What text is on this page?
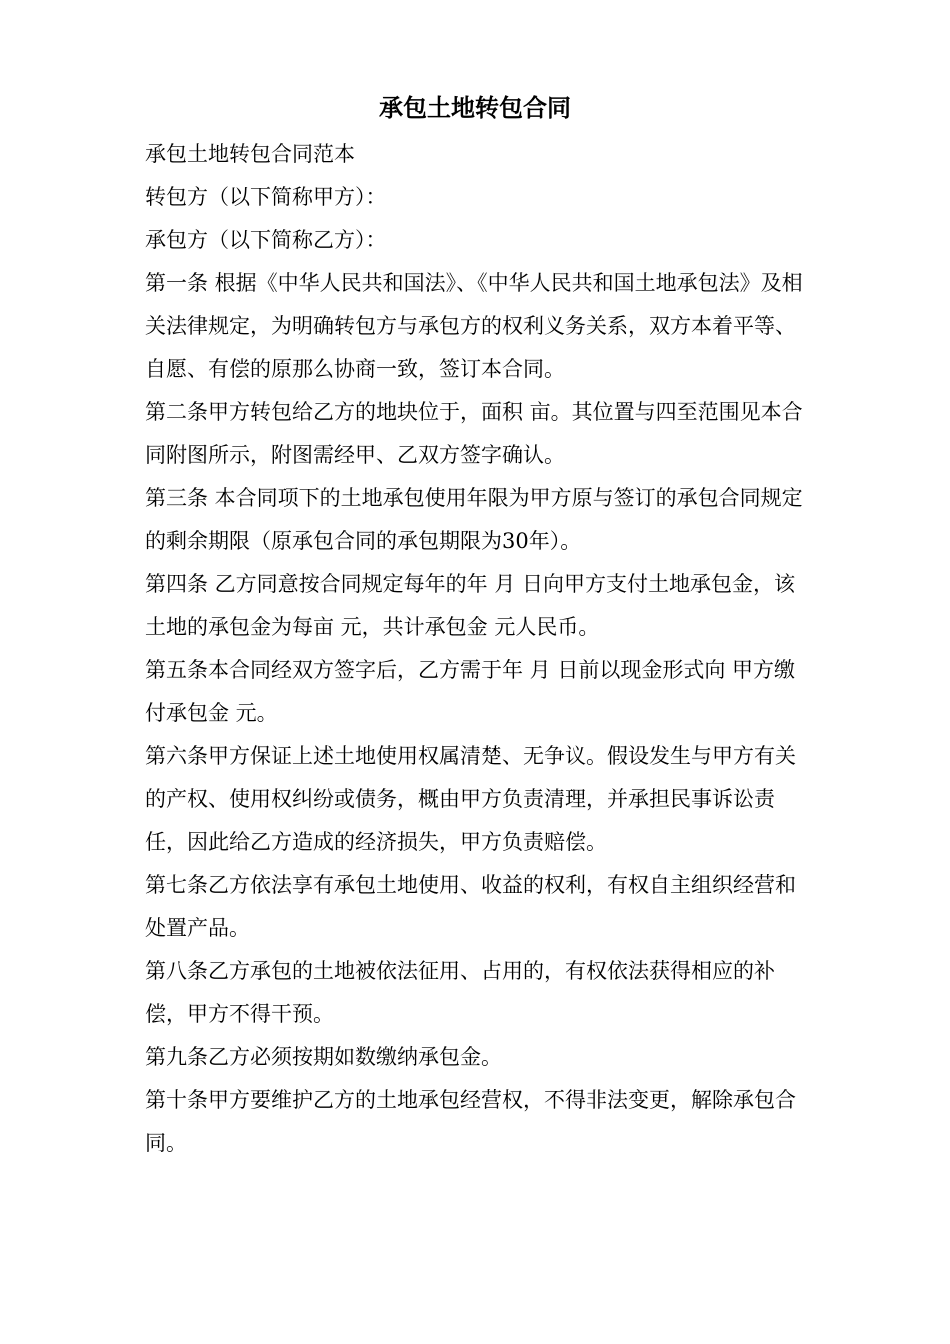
承包土地转包合同

承包土地转包合同范本

转包方（以下简称甲方）：

承包方（以下简称乙方）：

第一条 根据《中华人民共和国法》、《中华人民共和国土地承包法》及相关法律规定，为明确转包方与承包方的权利义务关系，双方本着平等、自愿、有偿的原那么协商一致，签订本合同。

第二条甲方转包给乙方的地块位于，面积 亩。其位置与四至范围见本合同附图所示，附图需经甲、乙双方签字确认。

第三条 本合同项下的土地承包使用年限为甲方原与签订的承包合同规定的剩余期限（原承包合同的承包期限为30年）。

第四条 乙方同意按合同规定每年的年 月 日向甲方支付土地承包金，该土地的承包金为每亩 元，共计承包金 元人民币。

第五条本合同经双方签字后，乙方需于年 月 日前以现金形式向 甲方缴付承包金 元。

第六条甲方保证上述土地使用权属清楚、无争议。假设发生与甲方有关的产权、使用权纠纷或债务，概由甲方负责清理，并承担民事诉讼责任，因此给乙方造成的经济损失，甲方负责赔偿。

第七条乙方依法享有承包土地使用、收益的权利，有权自主组织经营和处置产品。

第八条乙方承包的土地被依法征用、占用的，有权依法获得相应的补偿，甲方不得干预。

第九条乙方必须按期如数缴纳承包金。

第十条甲方要维护乙方的土地承包经营权，不得非法变更，解除承包合同。
